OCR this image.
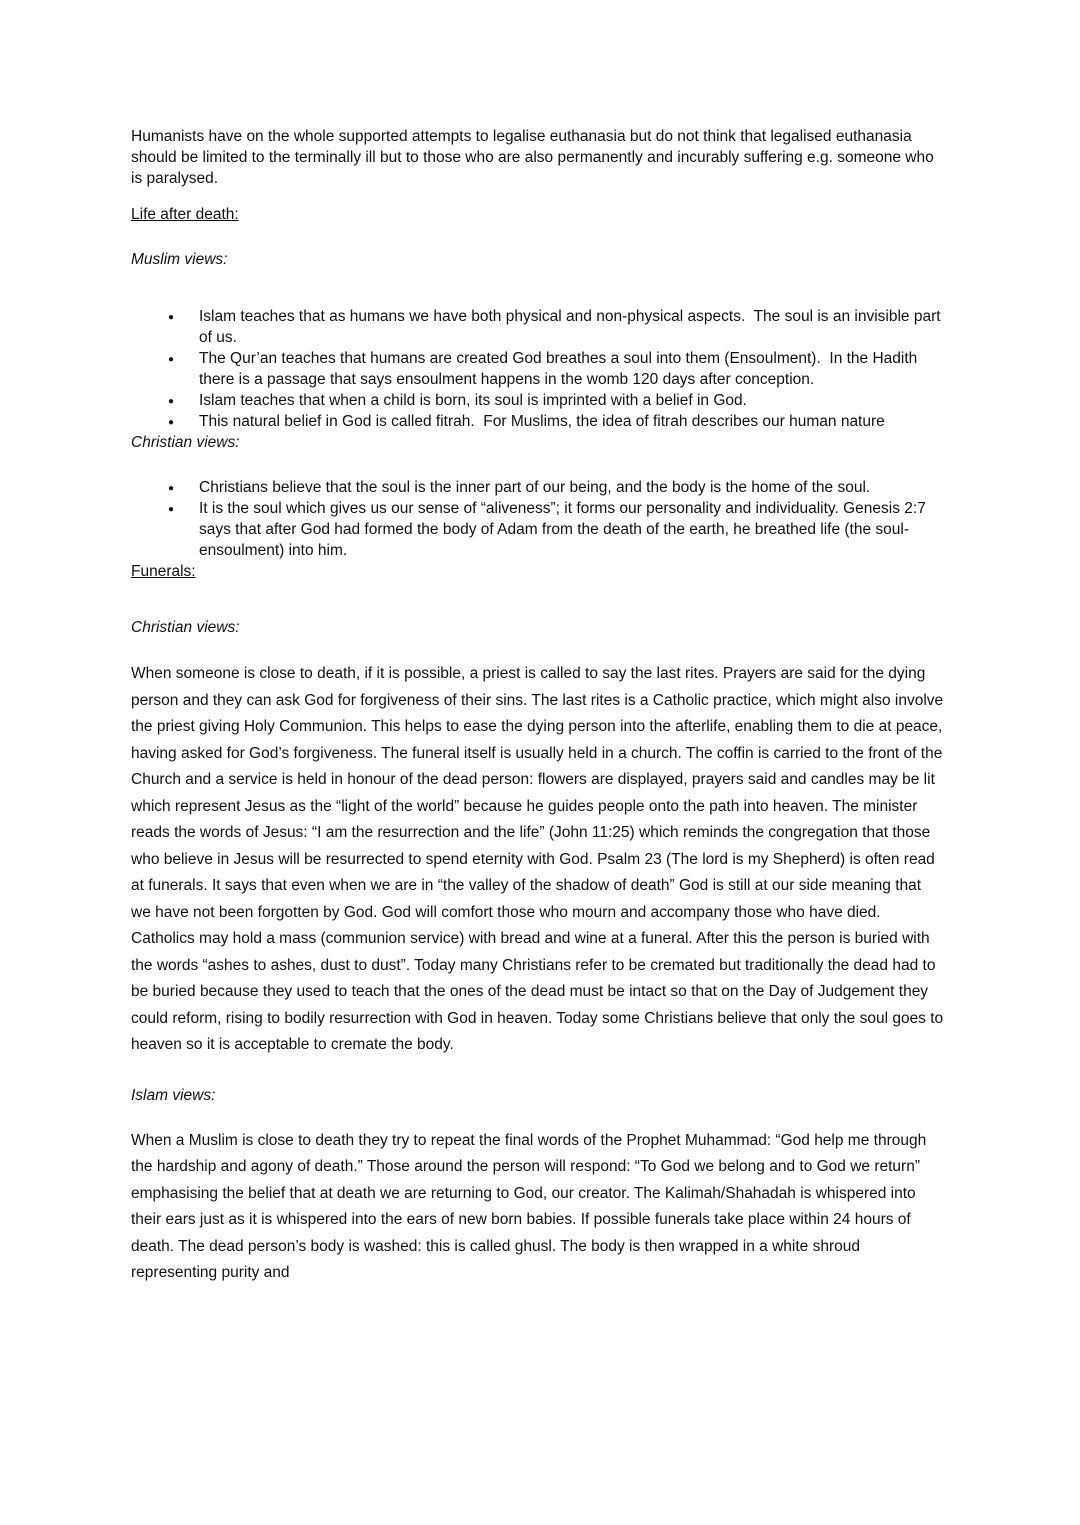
Humanists have on the whole supported attempts to legalise euthanasia but do not think that legalised euthanasia should be limited to the terminally ill but to those who are also permanently and incurably suffering e.g. someone who is paralysed.

Life after death:

Muslim views:

● Islam teaches that as humans we have both physical and non-physical aspects.  The soul is an invisible part of us.
● The Qur’an teaches that humans are created God breathes a soul into them (Ensoulment).  In the Hadith there is a passage that says ensoulment happens in the womb 120 days after conception.
● Islam teaches that when a child is born, its soul is imprinted with a belief in God.
● This natural belief in God is called fitrah.  For Muslims, the idea of fitrah describes our human nature

Christian views:

● Christians believe that the soul is the inner part of our being, and the body is the home of the soul.
● It is the soul which gives us our sense of “aliveness”; it forms our personality and individuality. Genesis 2:7 says that after God had formed the body of Adam from the death of the earth, he breathed life (the soul- ensoulment) into him.
Funerals:

Christian views:

When someone is close to death, if it is possible, a priest is called to say the last rites. Prayers are said for the dying person and they can ask God for forgiveness of their sins. The last rites is a Catholic practice, which might also involve the priest giving Holy Communion. This helps to ease the dying person into the afterlife, enabling them to die at peace, having asked for God’s forgiveness. The funeral itself is usually held in a church. The coffin is carried to the front of the Church and a service is held in honour of the dead person: flowers are displayed, prayers said and candles may be lit which represent Jesus as the “light of the world” because he guides people onto the path into heaven. The minister reads the words of Jesus: “I am the resurrection and the life” (John 11:25) which reminds the congregation that those who believe in Jesus will be resurrected to spend eternity with God. Psalm 23 (The lord is my Shepherd) is often read at funerals. It says that even when we are in “the valley of the shadow of death” God is still at our side meaning that we have not been forgotten by God. God will comfort those who mourn and accompany those who have died. Catholics may hold a mass (communion service) with bread and wine at a funeral. After this the person is buried with the words “ashes to ashes, dust to dust”. Today many Christians refer to be cremated but traditionally the dead had to be buried because they used to teach that the ones of the dead must be intact so that on the Day of Judgement they could reform, rising to bodily resurrection with God in heaven. Today some Christians believe that only the soul goes to heaven so it is acceptable to cremate the body.

Islam views:

When a Muslim is close to death they try to repeat the final words of the Prophet Muhammad: “God help me through the hardship and agony of death.” Those around the person will respond: “To God we belong and to God we return” emphasising the belief that at death we are returning to God, our creator. The Kalimah/Shahadah is whispered into their ears just as it is whispered into the ears of new born babies. If possible funerals take place within 24 hours of death. The dead person’s body is washed: this is called ghusl. The body is then wrapped in a white shroud representing purity and
